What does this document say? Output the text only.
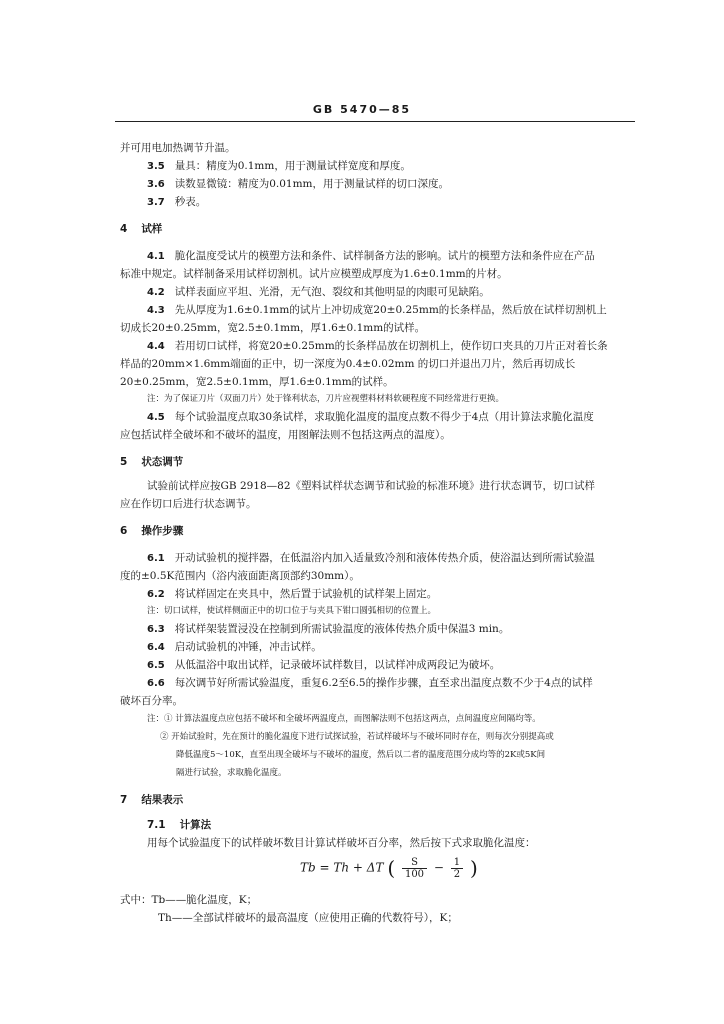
GB 5470—85
并可用电加热调节升温。
3.5 量具：精度为0.1mm，用于测量试样宽度和厚度。
3.6 读数显微镜：精度为0.01mm，用于测量试样的切口深度。
3.7 秒表。
4 试样
4.1 脆化温度受试片的模塑方法和条件、试样制备方法的影响。试片的模塑方法和条件应在产品
标准中规定。试样制备采用试样切割机。试片应模塑成厚度为1.6±0.1mm的片材。
4.2 试样表面应平坦、光滑，无气泡、裂纹和其他明显的肉眼可见缺陷。
4.3 先从厚度为1.6±0.1mm的试片上冲切成宽20±0.25mm的长条样品，然后放在试样切割机上
切成长20±0.25mm，宽2.5±0.1mm，厚1.6±0.1mm的试样。
4.4 若用切口试样，将宽20±0.25mm的长条样品放在切割机上，使作切口夹具的刀片正对着长条
样品的20mm×1.6mm端面的正中，切一深度为0.4±0.02mm 的切口并退出刀片，然后再切成长
20±0.25mm，宽2.5±0.1mm，厚1.6±0.1mm的试样。
注：为了保证刀片（双面刀片）处于锋利状态，刀片应视塑料材料软硬程度不同经常进行更换。
4.5 每个试验温度点取30条试样，求取脆化温度的温度点数不得少于4点（用计算法求脆化温度
应包括试样全破坏和不破坏的温度，用图解法则不包括这两点的温度）。
5 状态调节
试验前试样应按GB 2918—82《塑料试样状态调节和试验的标准环境》进行状态调节，切口试样
应在作切口后进行状态调节。
6 操作步骤
6.1 开动试验机的搅拌器，在低温浴内加入适量致冷剂和液体传热介质，使浴温达到所需试验温
度的±0.5K范围内（浴内液面距离顶部约30mm）。
6.2 将试样固定在夹具中，然后置于试验机的试样架上固定。
注：切口试样，使试样侧面正中的切口位于与夹具下钳口圆弧相切的位置上。
6.3 将试样架装置浸没在控制到所需试验温度的液体传热介质中保温3 min。
6.4 启动试验机的冲锤，冲击试样。
6.5 从低温浴中取出试样，记录破坏试样数目，以试样冲成两段记为破坏。
6.6 每次调节好所需试验温度，重复6.2至6.5的操作步骤，直至求出温度点数不少于4点的试样
破坏百分率。
注：① 计算法温度点应包括不破坏和全破坏两温度点，而图解法则不包括这两点，点间温度应间隔均等。
② 开始试验时，先在预计的脆化温度下进行试探试验，若试样破坏与不破坏同时存在，则每次分别提高或
降低温度5～10K，直至出现全破坏与不破坏的温度，然后以二者的温度范围分成均等的2K或5K间
隔进行试验，求取脆化温度。
7 结果表示
7.1 计算法
用每个试验温度下的试样破坏数目计算试样破坏百分率，然后按下式求取脆化温度：
Tb = Th + ΔT ( $\frac{S}{100} - \frac{1}{2}$ )
式中：Tb——脆化温度，K；
Th——全部试样破坏的最高温度（应使用正确的代数符号），K；
